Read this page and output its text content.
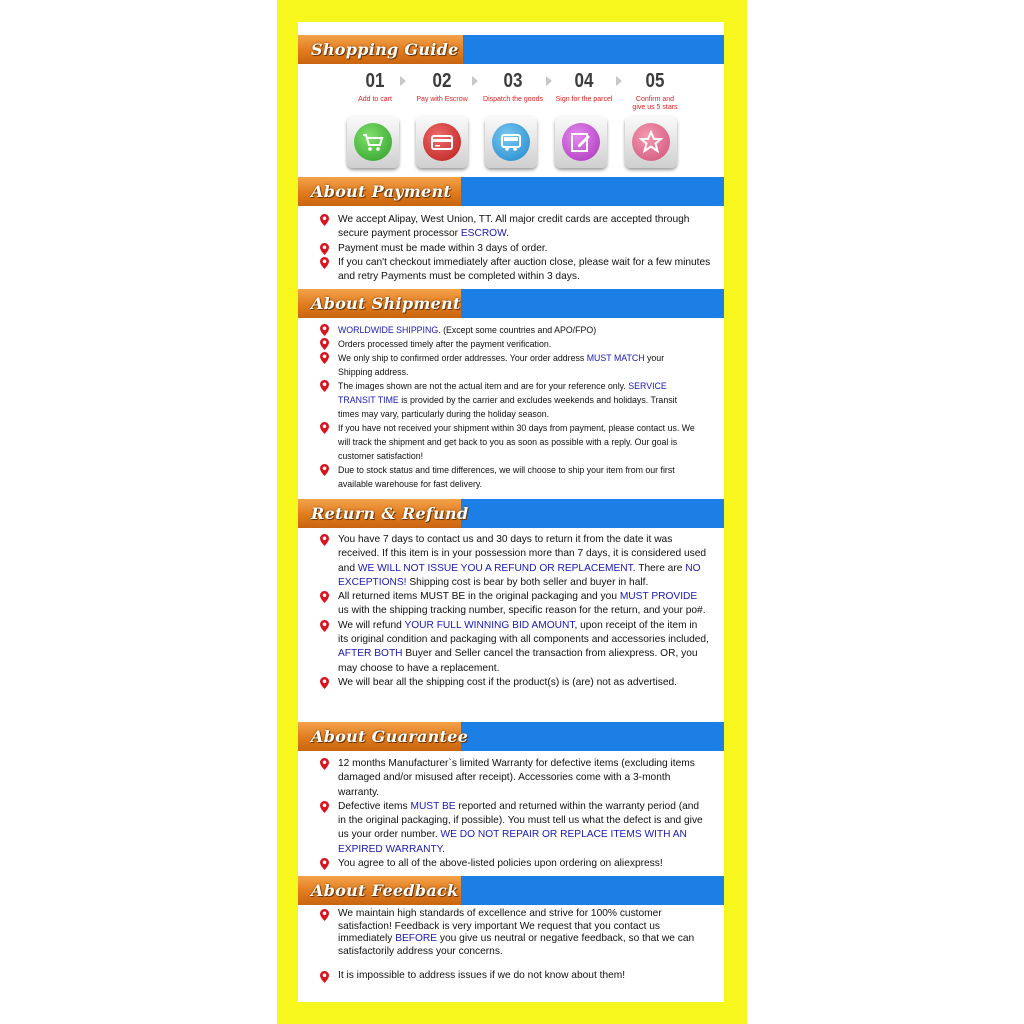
Shopping Guide
01
Add to cart
02
Pay with Escrow
03
Dispatch the goods
04
Sign for the parcel
05
Confirm and
give us 5 stars
About Payment
We accept Alipay, West Union, TT. All major credit cards are accepted through secure payment processor ESCROW.
Payment must be made within 3 days of order.
If you can't checkout immediately after auction close, please wait for a few minutes and retry Payments must be completed within 3 days.
About Shipment
WORLDWIDE SHIPPING. (Except some countries and APO/FPO)
Orders processed timely after the payment verification.
We only ship to confirmed order addresses. Your order address MUST MATCH your Shipping address.
The images shown are not the actual item and are for your reference only. SERVICE TRANSIT TIME is provided by the carrier and excludes weekends and holidays. Transit times may vary, particularly during the holiday season.
If you have not received your shipment within 30 days from payment, please contact us. We will track the shipment and get back to you as soon as possible with a reply. Our goal is customer satisfaction!
Due to stock status and time differences, we will choose to ship your item from our first available warehouse for fast delivery.
Return & Refund
You have 7 days to contact us and 30 days to return it from the date it was received. If this item is in your possession more than 7 days, it is considered used and WE WILL NOT ISSUE YOU A REFUND OR REPLACEMENT. There are NO EXCEPTIONS! Shipping cost is bear by both seller and buyer in half.
All returned items MUST BE in the original packaging and you MUST PROVIDE us with the shipping tracking number, specific reason for the return, and your po#.
We will refund YOUR FULL WINNING BID AMOUNT, upon receipt of the item in its original condition and packaging with all components and accessories included, AFTER BOTH Buyer and Seller cancel the transaction from aliexpress. OR, you may choose to have a replacement.
We will bear all the shipping cost if the product(s) is (are) not as advertised.
About Guarantee
12 months Manufacturer`s limited Warranty for defective items (excluding items damaged and/or misused after receipt). Accessories come with a 3-month warranty.
Defective items MUST BE reported and returned within the warranty period (and in the original packaging, if possible). You must tell us what the defect is and give us your order number. WE DO NOT REPAIR OR REPLACE ITEMS WITH AN EXPIRED WARRANTY.
You agree to all of the above-listed policies upon ordering on aliexpress!
About Feedback
We maintain high standards of excellence and strive for 100% customer satisfaction! Feedback is very important We request that you contact us immediately BEFORE you give us neutral or negative feedback, so that we can satisfactorily address your concerns.
It is impossible to address issues if we do not know about them!
